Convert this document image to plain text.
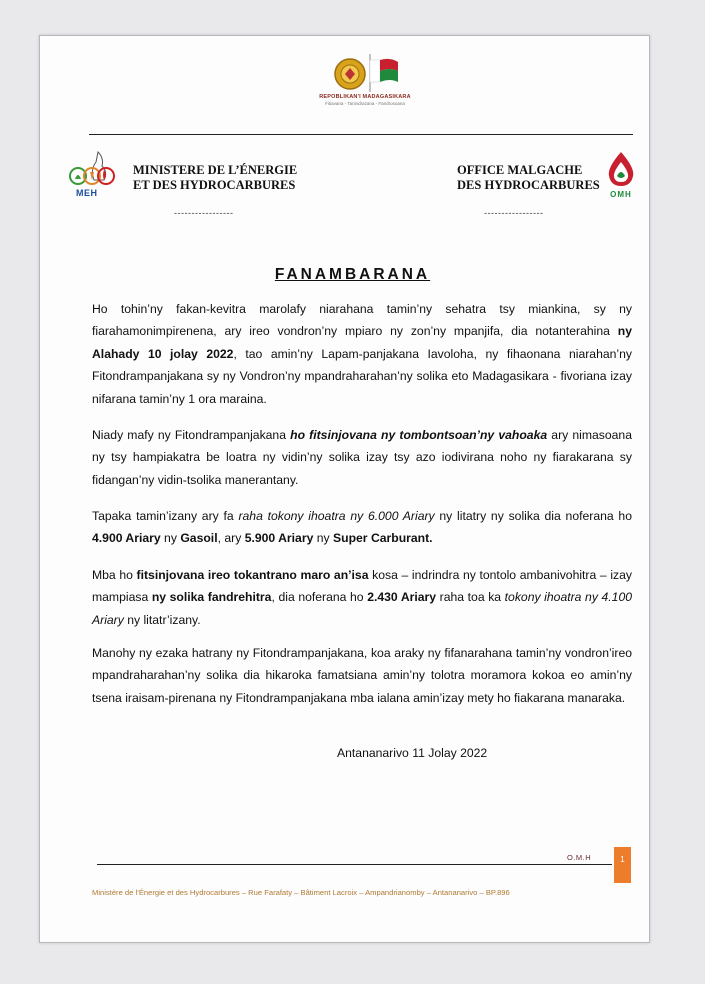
REPOBLIKAN'I MADAGASIKARA
Fitiavana - Tanindrazana - Fandrosoana
MEH
MINISTERE DE L’ÉNERGIE
ET DES HYDROCARBURES
-----------------
OFFICE MALGACHE
DES HYDROCARBURES
-----------------
OMH
FANAMBARANA

Ho tohin’ny fakan-kevitra marolafy niarahana tamin’ny sehatra tsy miankina, sy ny fiarahamonimpirenena, ary ireo vondron’ny mpiaro ny zon’ny mpanjifa, dia notanterahina ny Alahady 10 jolay 2022, tao amin’ny Lapam-panjakana Iavoloha, ny fihaonana niarahan’ny Fitondrampanjakana sy ny Vondron’ny mpandraharahan’ny solika eto Madagasikara - fivoriana izay nifarana tamin’ny 1 ora maraina.

Niady mafy ny Fitondrampanjakana ho fitsinjovana ny tombontsoan’ny vahoaka ary nimasoana ny tsy hampiakatra be loatra ny vidin’ny solika izay tsy azo iodivirana noho ny fiarakarana sy fidangan’ny vidin-tsolika manerantany.

Tapaka tamin’izany ary fa raha tokony ihoatra ny 6.000 Ariary ny litatry ny solika dia noferana ho 4.900 Ariary ny Gasoil, ary 5.900 Ariary ny Super Carburant.

Mba ho fitsinjovana ireo tokantrano maro an’isa kosa – indrindra ny tontolo ambanivohitra – izay mampiasa ny solika fandrehitra, dia noferana ho 2.430 Ariary raha toa ka tokony ihoatra ny 4.100 Ariary ny litatr’izany.

Manohy ny ezaka hatrany ny Fitondrampanjakana, koa araky ny fifanarahana tamin’ny vondron’ireo mpandraharahan’ny solika dia hikaroka famatsiana amin’ny tolotra moramora kokoa eo amin’ny tsena iraisam-pirenana ny Fitondrampanjakana mba ialana amin’izay mety ho fiakarana manaraka.

Antananarivo 11 Jolay 2022
O.M.H	1
Ministère de l’Énergie et des Hydrocarbures – Rue Farafaty – Bâtiment Lacroix – Ampandrianomby – Antananarivo – BP.896
